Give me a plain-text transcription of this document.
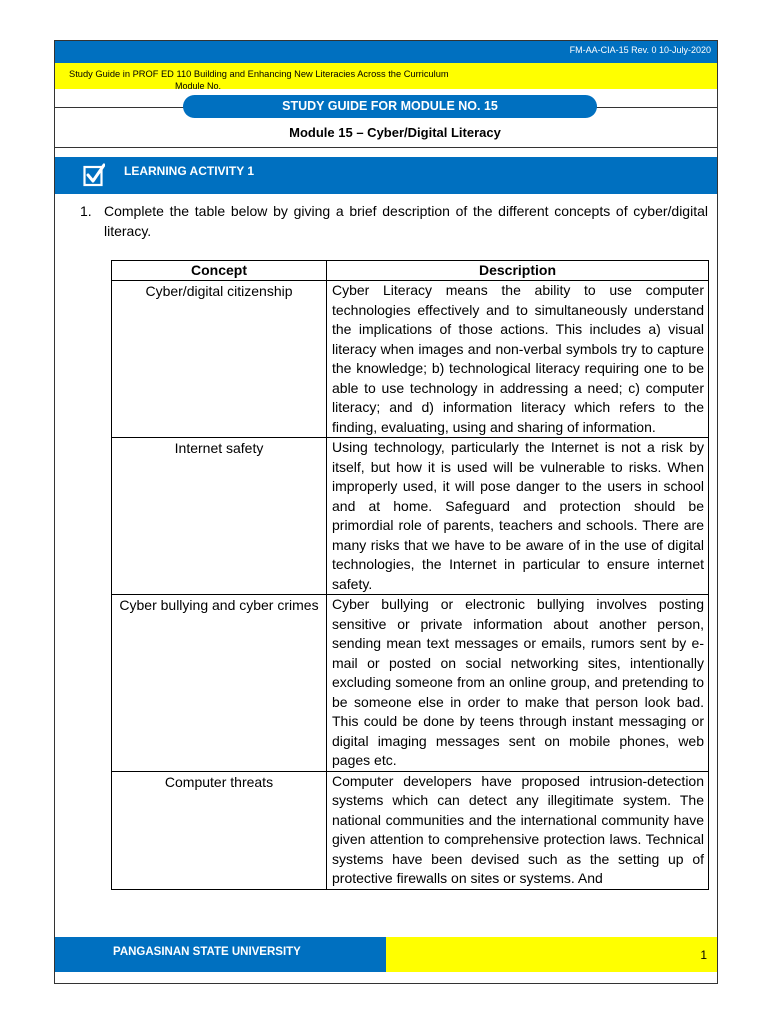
FM-AA-CIA-15 Rev. 0 10-July-2020
Study Guide in PROF ED 110 Building and Enhancing New Literacies Across the Curriculum
Module No.
STUDY GUIDE FOR MODULE NO. 15
Module 15 – Cyber/Digital Literacy
LEARNING ACTIVITY 1
1. Complete the table below by giving a brief description of the different concepts of cyber/digital literacy.
Concept	Description
Cyber/digital citizenship	Cyber Literacy means the ability to use computer technologies effectively and to simultaneously understand the implications of those actions. This includes a) visual literacy when images and non-verbal symbols try to capture the knowledge; b) technological literacy requiring one to be able to use technology in addressing a need; c) computer literacy; and d) information literacy which refers to the finding, evaluating, using and sharing of information.
Internet safety	Using technology, particularly the Internet is not a risk by itself, but how it is used will be vulnerable to risks. When improperly used, it will pose danger to the users in school and at home. Safeguard and protection should be primordial role of parents, teachers and schools. There are many risks that we have to be aware of in the use of digital technologies, the Internet in particular to ensure internet safety.
Cyber bullying and cyber crimes	Cyber bullying or electronic bullying involves posting sensitive or private information about another person, sending mean text messages or emails, rumors sent by e-mail or posted on social networking sites, intentionally excluding someone from an online group, and pretending to be someone else in order to make that person look bad. This could be done by teens through instant messaging or digital imaging messages sent on mobile phones, web pages etc.
Computer threats	Computer developers have proposed intrusion-detection systems which can detect any illegitimate system. The national communities and the international community have given attention to comprehensive protection laws. Technical systems have been devised such as the setting up of protective firewalls on sites or systems. And
PANGASINAN STATE UNIVERSITY	1
